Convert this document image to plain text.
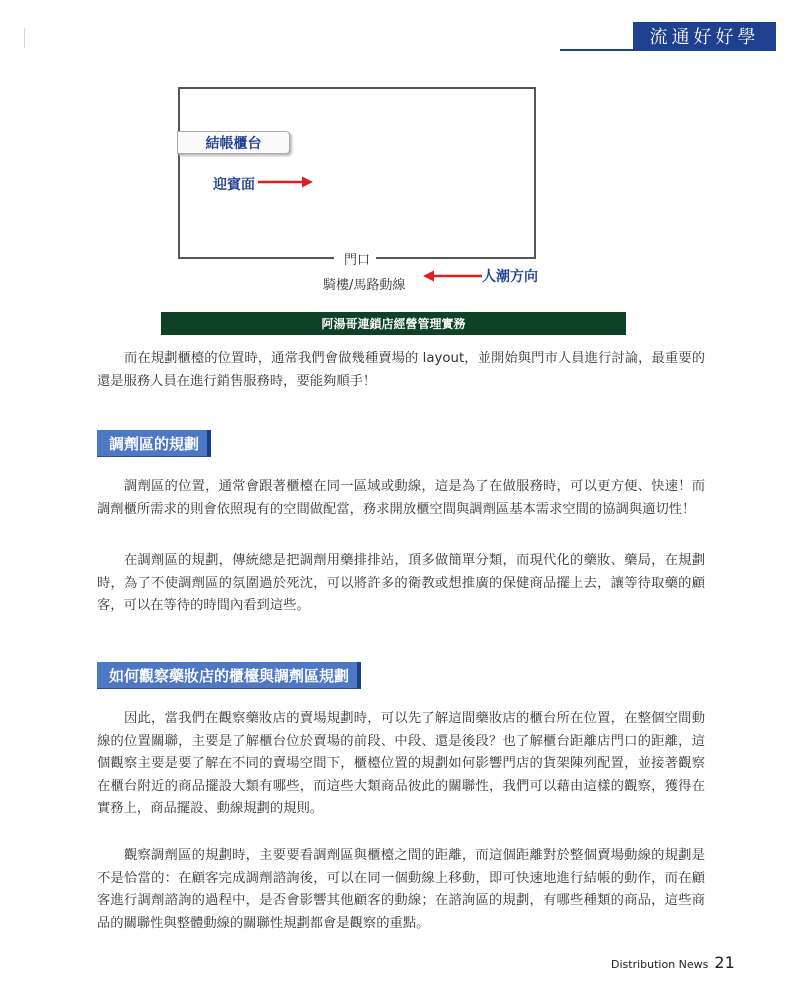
流通好好學
結帳櫃台
迎賓面
門口
騎樓/馬路動線
人潮方向
阿湯哥連鎖店經營管理實務

而在規劃櫃檯的位置時，通常我們會做幾種賣場的 layout，並開始與門市人員進行討論，最重要的還是服務人員在進行銷售服務時，要能夠順手！

調劑區的規劃

調劑區的位置，通常會跟著櫃檯在同一區域或動線，這是為了在做服務時，可以更方便、快速！而調劑櫃所需求的則會依照現有的空間做配當，務求開放櫃空間與調劑區基本需求空間的協調與適切性！

在調劑區的規劃，傳統總是把調劑用藥排排站，頂多做簡單分類，而現代化的藥妝、藥局，在規劃時，為了不使調劑區的氛圍過於死沈，可以將許多的衛教或想推廣的保健商品擺上去，讓等待取藥的顧客，可以在等待的時間內看到這些。

如何觀察藥妝店的櫃檯與調劑區規劃

因此，當我們在觀察藥妝店的賣場規劃時，可以先了解這間藥妝店的櫃台所在位置，在整個空間動線的位置關聯，主要是了解櫃台位於賣場的前段、中段、還是後段？也了解櫃台距離店門口的距離，這個觀察主要是要了解在不同的賣場空間下，櫃檯位置的規劃如何影響門店的貨架陳列配置，並接著觀察在櫃台附近的商品擺設大類有哪些，而這些大類商品彼此的關聯性，我們可以藉由這樣的觀察，獲得在實務上，商品擺設、動線規劃的規則。

觀察調劑區的規劃時，主要要看調劑區與櫃檯之間的距離，而這個距離對於整個賣場動線的規劃是不是恰當的：在顧客完成調劑諮詢後，可以在同一個動線上移動，即可快速地進行結帳的動作，而在顧客進行調劑諮詢的過程中，是否會影響其他顧客的動線；在諮詢區的規劃，有哪些種類的商品，這些商品的關聯性與整體動線的關聯性規劃都會是觀察的重點。

Distribution News 21
